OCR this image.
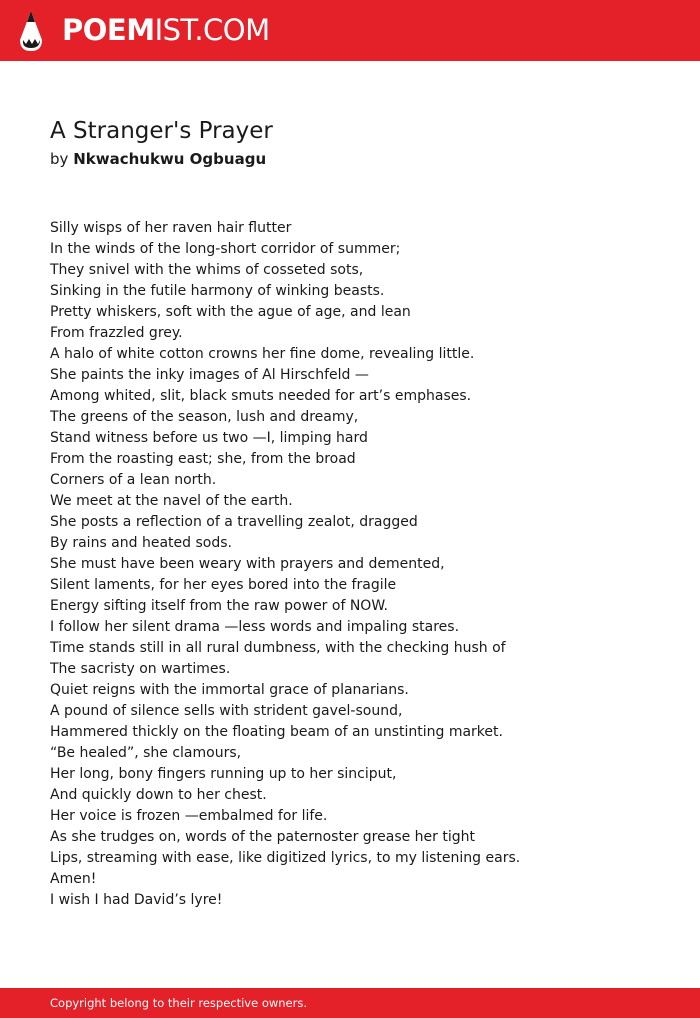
POEMIST.COM
A Stranger's Prayer
by Nkwachukwu Ogbuagu
Silly wisps of her raven hair flutter
In the winds of the long-short corridor of summer;
They snivel with the whims of cosseted sots,
Sinking in the futile harmony of winking beasts.
Pretty whiskers, soft with the ague of age, and lean
From frazzled grey.
A halo of white cotton crowns her fine dome, revealing little.
She paints the inky images of Al Hirschfeld —
Among whited, slit, black smuts needed for art’s emphases.
The greens of the season, lush and dreamy,
Stand witness before us two —I, limping hard
From the roasting east; she, from the broad
Corners of a lean north.
We meet at the navel of the earth.
She posts a reflection of a travelling zealot, dragged
By rains and heated sods.
She must have been weary with prayers and demented,
Silent laments, for her eyes bored into the fragile
Energy sifting itself from the raw power of NOW.
I follow her silent drama —less words and impaling stares.
Time stands still in all rural dumbness, with the checking hush of
The sacristy on wartimes.
Quiet reigns with the immortal grace of planarians.
A pound of silence sells with strident gavel-sound,
Hammered thickly on the floating beam of an unstinting market.
“Be healed”, she clamours,
Her long, bony fingers running up to her sinciput,
And quickly down to her chest.
Her voice is frozen —embalmed for life.
As she trudges on, words of the paternoster grease her tight
Lips, streaming with ease, like digitized lyrics, to my listening ears.
Amen!
I wish I had David’s lyre!
Copyright belong to their respective owners.
